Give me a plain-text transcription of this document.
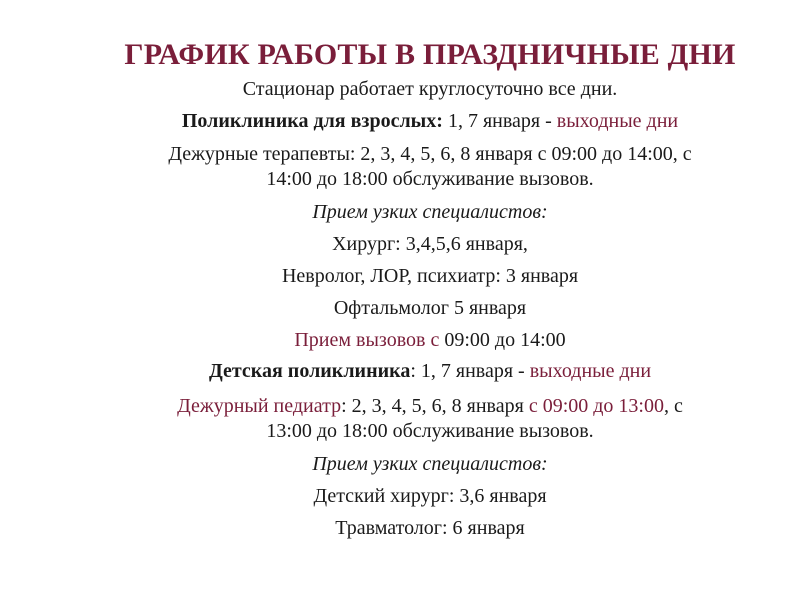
ГРАФИК РАБОТЫ В ПРАЗДНИЧНЫЕ ДНИ
Стационар работает круглосуточно все дни.
Поликлиника для взрослых: 1, 7 января - выходные дни
Дежурные терапевты: 2, 3, 4, 5, 6, 8 января с 09:00 до 14:00, с
14:00 до 18:00 обслуживание вызовов.
Прием узких специалистов:
Хирург: 3,4,5,6 января,
Невролог, ЛОР, психиатр: 3 января
Офтальмолог 5 января
Прием вызовов с 09:00 до 14:00
Детская поликлиника: 1, 7 января - выходные дни
Дежурный педиатр: 2, 3, 4, 5, 6, 8 января с 09:00 до 13:00, с
13:00 до 18:00 обслуживание вызовов.
Прием узких специалистов:
Детский хирург: 3,6 января
Травматолог: 6 января
